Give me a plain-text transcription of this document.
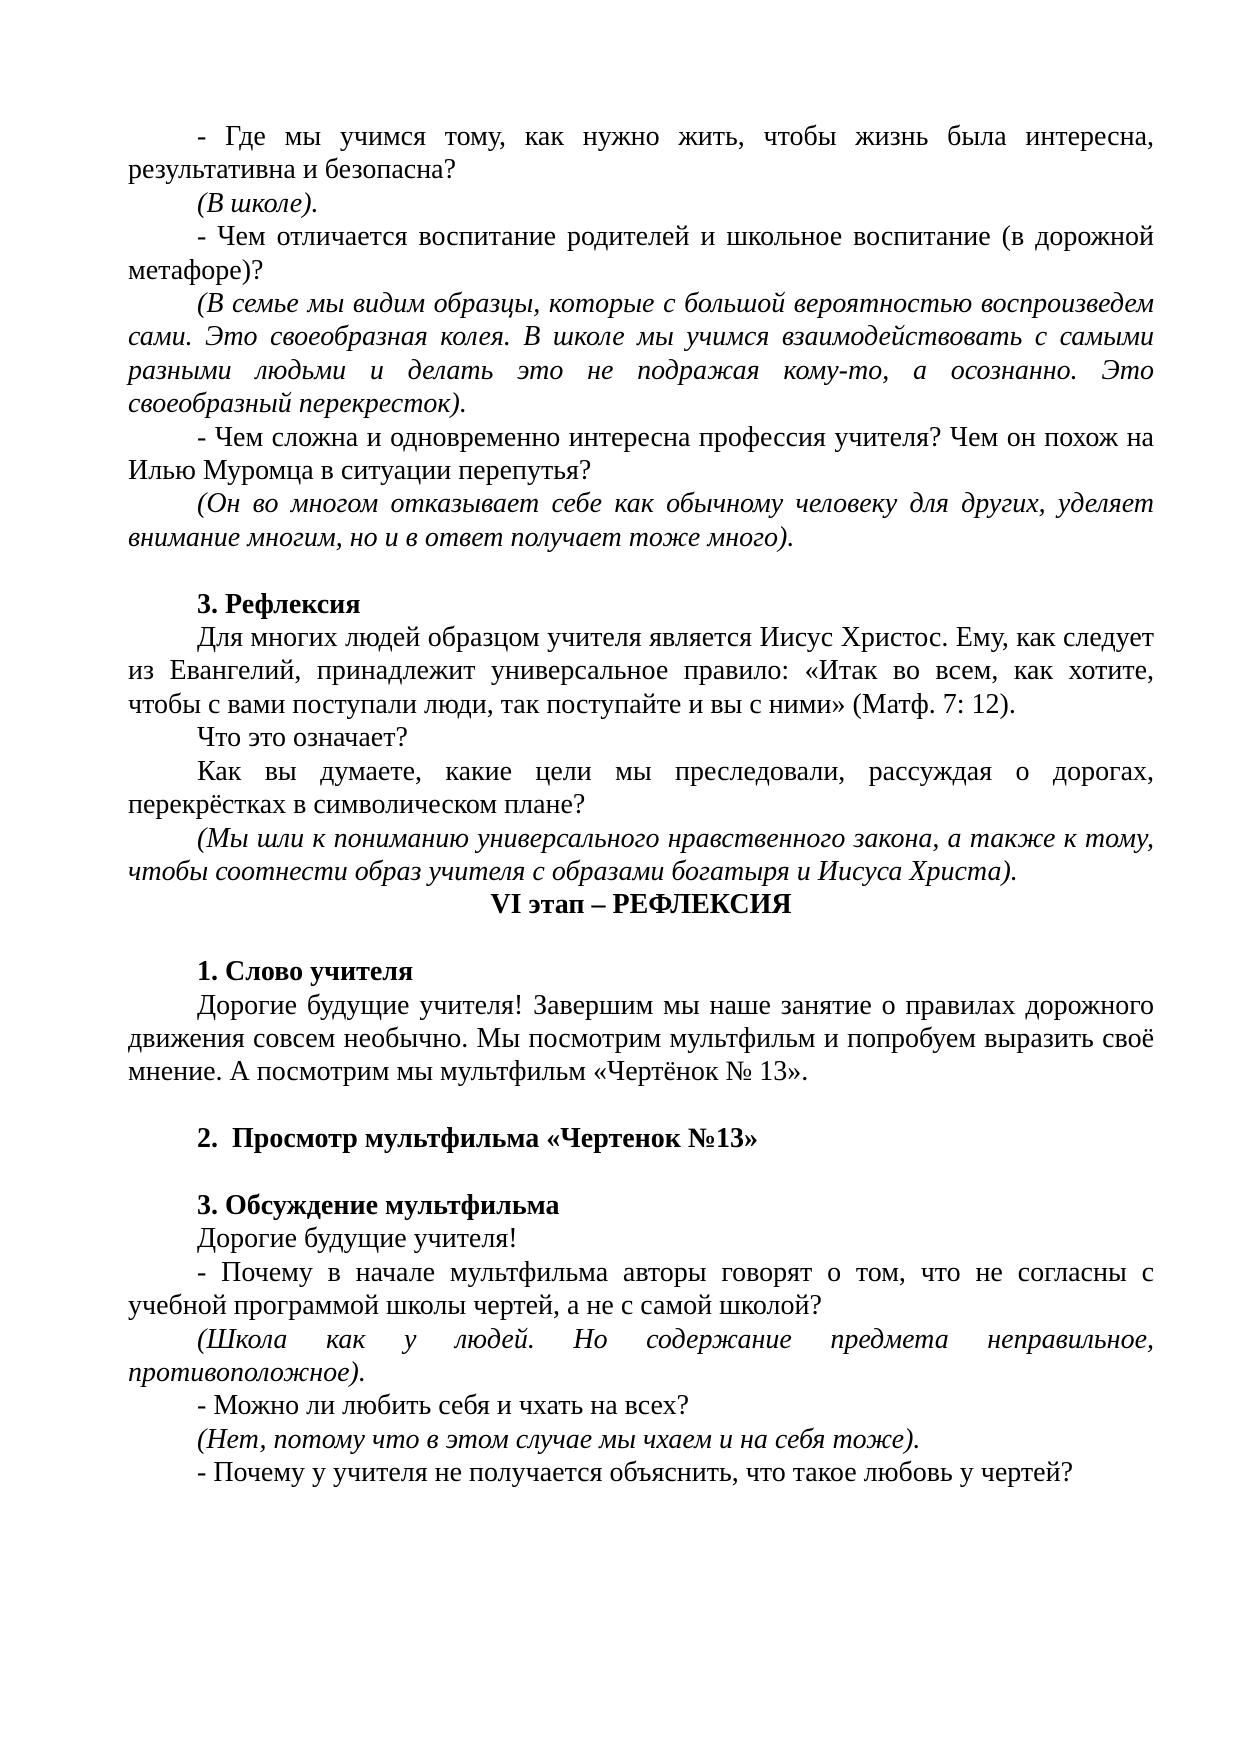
- Где мы учимся тому, как нужно жить, чтобы жизнь была интересна, результативна и безопасна?

(В школе).

- Чем отличается воспитание родителей и школьное воспитание (в дорожной метафоре)?

(В семье мы видим образцы, которые с большой вероятностью воспроизведем сами. Это своеобразная колея. В школе мы учимся взаимодействовать с самыми разными людьми и делать это не подражая кому-то, а осознанно. Это своеобразный перекресток).

- Чем сложна и одновременно интересна профессия учителя? Чем он похож на Илью Муромца в ситуации перепутья?

(Он во многом отказывает себе как обычному человеку для других, уделяет внимание многим, но и в ответ получает тоже много).

3. Рефлексия

Для многих людей образцом учителя является Иисус Христос. Ему, как следует из Евангелий, принадлежит универсальное правило: «Итак во всем, как хотите, чтобы с вами поступали люди, так поступайте и вы с ними» (Матф. 7: 12).

Что это означает?

Как вы думаете, какие цели мы преследовали, рассуждая о дорогах, перекрёстках в символическом плане?

(Мы шли к пониманию универсального нравственного закона, а также к тому, чтобы соотнести образ учителя с образами богатыря и Иисуса Христа).

VI этап – РЕФЛЕКСИЯ

1. Слово учителя

Дорогие будущие учителя! Завершим мы наше занятие о правилах дорожного движения совсем необычно. Мы посмотрим мультфильм и попробуем выразить своё мнение. А посмотрим мы мультфильм «Чертёнок № 13».

2.  Просмотр мультфильма «Чертенок №13»

3. Обсуждение мультфильма

Дорогие будущие учителя!

- Почему в начале мультфильма авторы говорят о том, что не согласны с учебной программой школы чертей, а не с самой школой?

(Школа как у людей. Но содержание предмета неправильное, противоположное).

- Можно ли любить себя и чхать на всех?

(Нет, потому что в этом случае мы чхаем и на себя тоже).

- Почему у учителя не получается объяснить, что такое любовь у чертей?
